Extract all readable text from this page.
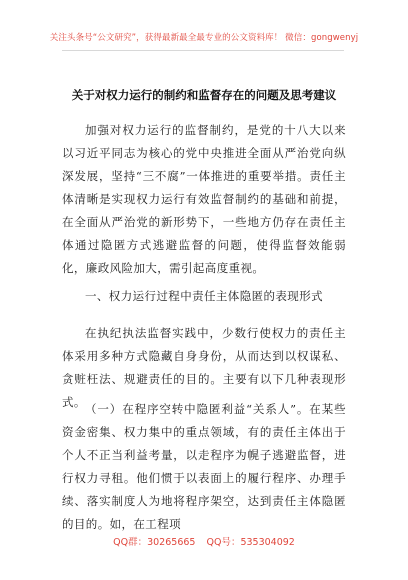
关注头条号“公文研究”，获得最新最全最专业的公文资料库！ 微信：gongwenyj
关于对权力运行的制约和监督存在的问题及思考建议

加强对权力运行的监督制约，是党的十八大以来以习近平同志为核心的党中央推进全面从严治党向纵深发展，坚持“三不腐”一体推进的重要举措。责任主体清晰是实现权力运行有效监督制约的基础和前提，在全面从严治党的新形势下，一些地方仍存在责任主体通过隐匿方式逃避监督的问题，使得监督效能弱化，廉政风险加大，需引起高度重视。

一、权力运行过程中责任主体隐匿的表现形式

在执纪执法监督实践中，少数行使权力的责任主体采用多种方式隐藏自身身份，从而达到以权谋私、贪赃枉法、规避责任的目的。主要有以下几种表现形式。 （一）在程序空转中隐匿利益“关系人”。在某些资金密集、权力集中的重点领域，有的责任主体出于个人不正当利益考量，以走程序为幌子逃避监督，进行权力寻租。他们惯于以表面上的履行程序、办理手续、落实制度人为地将程序架空，达到责任主体隐匿的目的。如，在工程项

QQ群：30265665 QQ号：535304092
